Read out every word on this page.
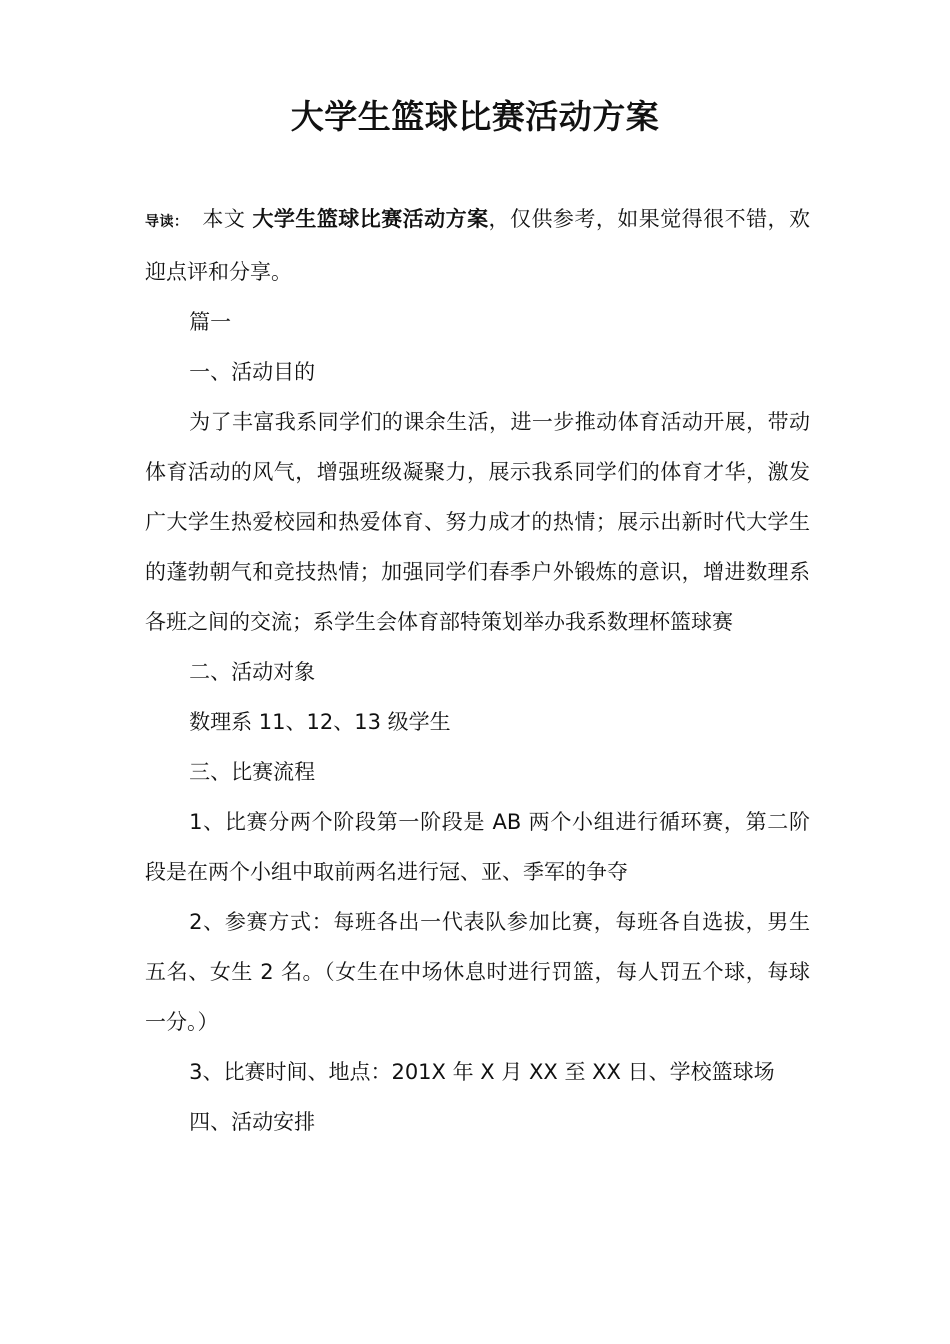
大学生篮球比赛活动方案

导读： 本文 大学生篮球比赛活动方案，仅供参考，如果觉得很不错，欢迎点评和分享。

篇一

一、活动目的

为了丰富我系同学们的课余生活，进一步推动体育活动开展，带动体育活动的风气，增强班级凝聚力，展示我系同学们的体育才华，激发广大学生热爱校园和热爱体育、努力成才的热情；展示出新时代大学生的蓬勃朝气和竞技热情；加强同学们春季户外锻炼的意识，增进数理系各班之间的交流；系学生会体育部特策划举办我系数理杯篮球赛

二、活动对象

数理系 11、12、13 级学生

三、比赛流程

1、比赛分两个阶段第一阶段是 AB 两个小组进行循环赛，第二阶段是在两个小组中取前两名进行冠、亚、季军的争夺

2、参赛方式：每班各出一代表队参加比赛，每班各自选拔，男生五名、女生 2 名。（女生在中场休息时进行罚篮，每人罚五个球，每球一分。）

3、比赛时间、地点：201X 年 X 月 XX 至 XX 日、学校篮球场

四、活动安排
